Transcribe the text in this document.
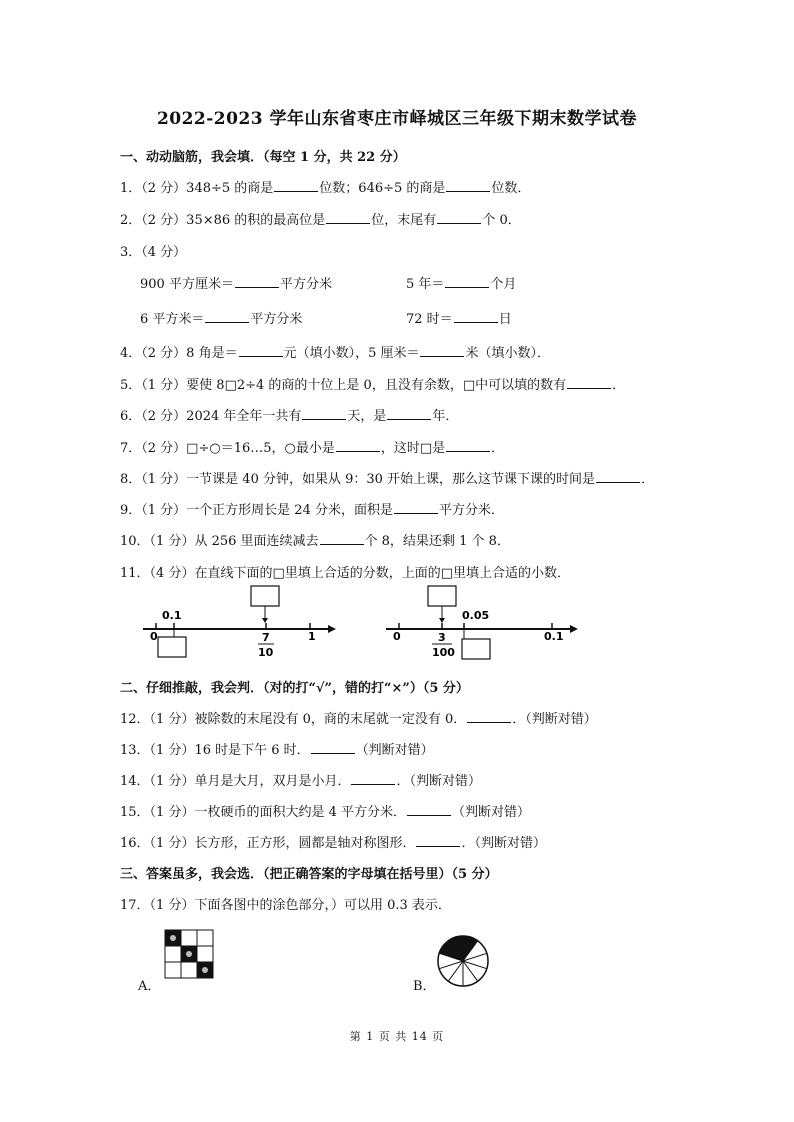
2022-2023 学年山东省枣庄市峄城区三年级下期末数学试卷
一、动动脑筋，我会填．（每空 1 分，共 22 分）
1．（2 分）348÷5 的商是	位数；646÷5 的商是	位数．
2．（2 分）35×86 的积的最高位是	位，末尾有	个 0．
3．（4 分）
900 平方厘米＝	平方分米	5 年＝	个月
6 平方米＝	平方分米	72 时＝	日
4．（2 分）8 角是＝	元（填小数），5 厘米＝	米（填小数）．
5．（1 分）要使 8□2÷4 的商的十位上是 0，且没有余数，□中可以填的数有	．
6．（2 分）2024 年全年一共有	天，是	年．
7．（2 分）□÷○＝16…5，○最小是	，这时□是	．
8．（1 分）一节课是 40 分钟，如果从 9：30 开始上课，那么这节课下课的时间是	．
9．（1 分）一个正方形周长是 24 分米，面积是	平方分米．
10．（1 分）从 256 里面连续减去	个 8，结果还剩 1 个 8．
11．（4 分）在直线下面的□里填上合适的分数，上面的□里填上合适的小数．
0.1
0	1
7
10
0
0.05
0.1
3
100
二、仔细推敲，我会判．（对的打“√”，错的打“×”）（5 分）
12．（1 分）被除数的末尾没有 0，商的末尾就一定没有 0．	．（判断对错）
13．（1 分）16 时是下午 6 时．	（判断对错）
14．（1 分）单月是大月，双月是小月．	．（判断对错）
15．（1 分）一枚硬币的面积大约是 4 平方分米．	（判断对错）
16．（1 分）长方形，正方形，圆都是轴对称图形．	．（判断对错）
三、答案虽多，我会选．（把正确答案的字母填在括号里）（5 分）
17．（1 分）下面各图中的涂色部分，）可以用 0.3 表示．
A．	B．
第 1 页 共 14 页
